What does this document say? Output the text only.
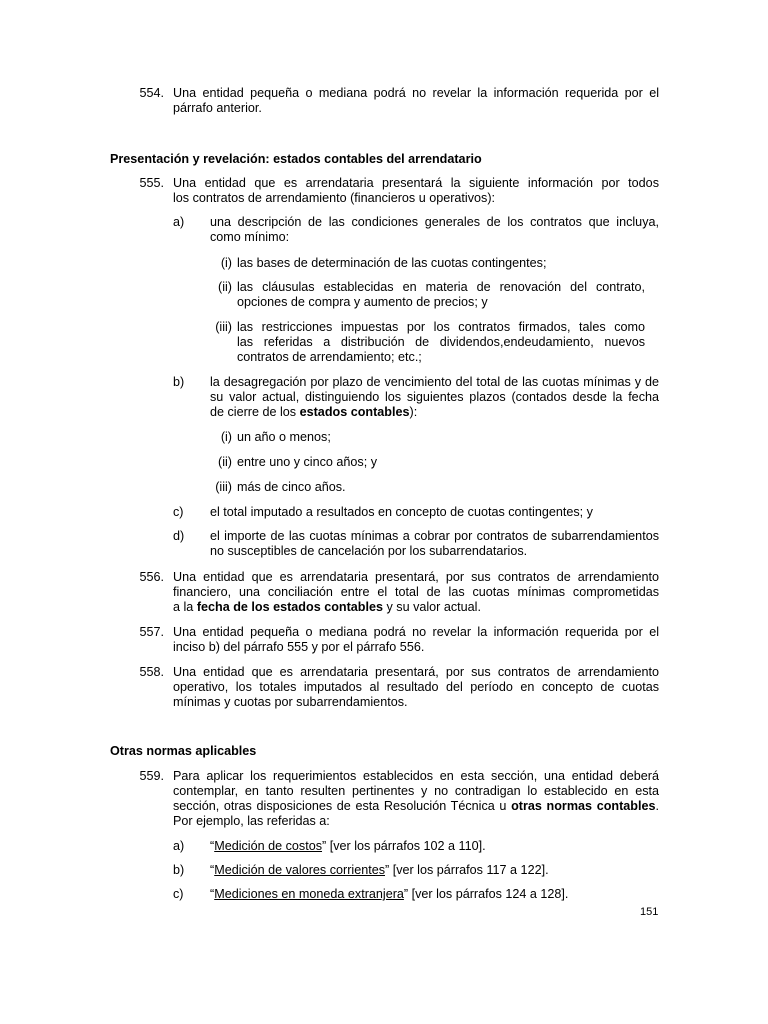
554. Una entidad pequeña o mediana podrá no revelar la información requerida por el
párrafo anterior.
Presentación y revelación: estados contables del arrendatario
555. Una entidad que es arrendataria presentará la siguiente información por todos
los contratos de arrendamiento (financieros u operativos):
a) una descripción de las condiciones generales de los contratos que incluya,
como mínimo:
(i) las bases de determinación de las cuotas contingentes;
(ii) las cláusulas establecidas en materia de renovación del contrato,
opciones de compra y aumento de precios; y
(iii) las restricciones impuestas por los contratos firmados, tales como
las referidas a distribución de dividendos,endeudamiento, nuevos
contratos de arrendamiento; etc.;
b) la desagregación por plazo de vencimiento del total de las cuotas mínimas y de
su valor actual, distinguiendo los siguientes plazos (contados desde la fecha
de cierre de los estados contables):
(i) un año o menos;
(ii) entre uno y cinco años; y
(iii) más de cinco años.
c) el total imputado a resultados en concepto de cuotas contingentes; y
d) el importe de las cuotas mínimas a cobrar por contratos de subarrendamientos
no susceptibles de cancelación por los subarrendatarios.
556. Una entidad que es arrendataria presentará, por sus contratos de arrendamiento
financiero, una conciliación entre el total de las cuotas mínimas comprometidas
a la fecha de los estados contables y su valor actual.
557. Una entidad pequeña o mediana podrá no revelar la información requerida por el
inciso b) del párrafo 555 y por el párrafo 556.
558. Una entidad que es arrendataria presentará, por sus contratos de arrendamiento
operativo, los totales imputados al resultado del período en concepto de cuotas
mínimas y cuotas por subarrendamientos.
Otras normas aplicables
559. Para aplicar los requerimientos establecidos en esta sección, una entidad deberá
contemplar, en tanto resulten pertinentes y no contradigan lo establecido en esta
sección, otras disposiciones de esta Resolución Técnica u otras normas contables.
Por ejemplo, las referidas a:
a) “Medición de costos” [ver los párrafos 102 a 110].
b) “Medición de valores corrientes” [ver los párrafos 117 a 122].
c) “Mediciones en moneda extranjera” [ver los párrafos 124 a 128].
151
